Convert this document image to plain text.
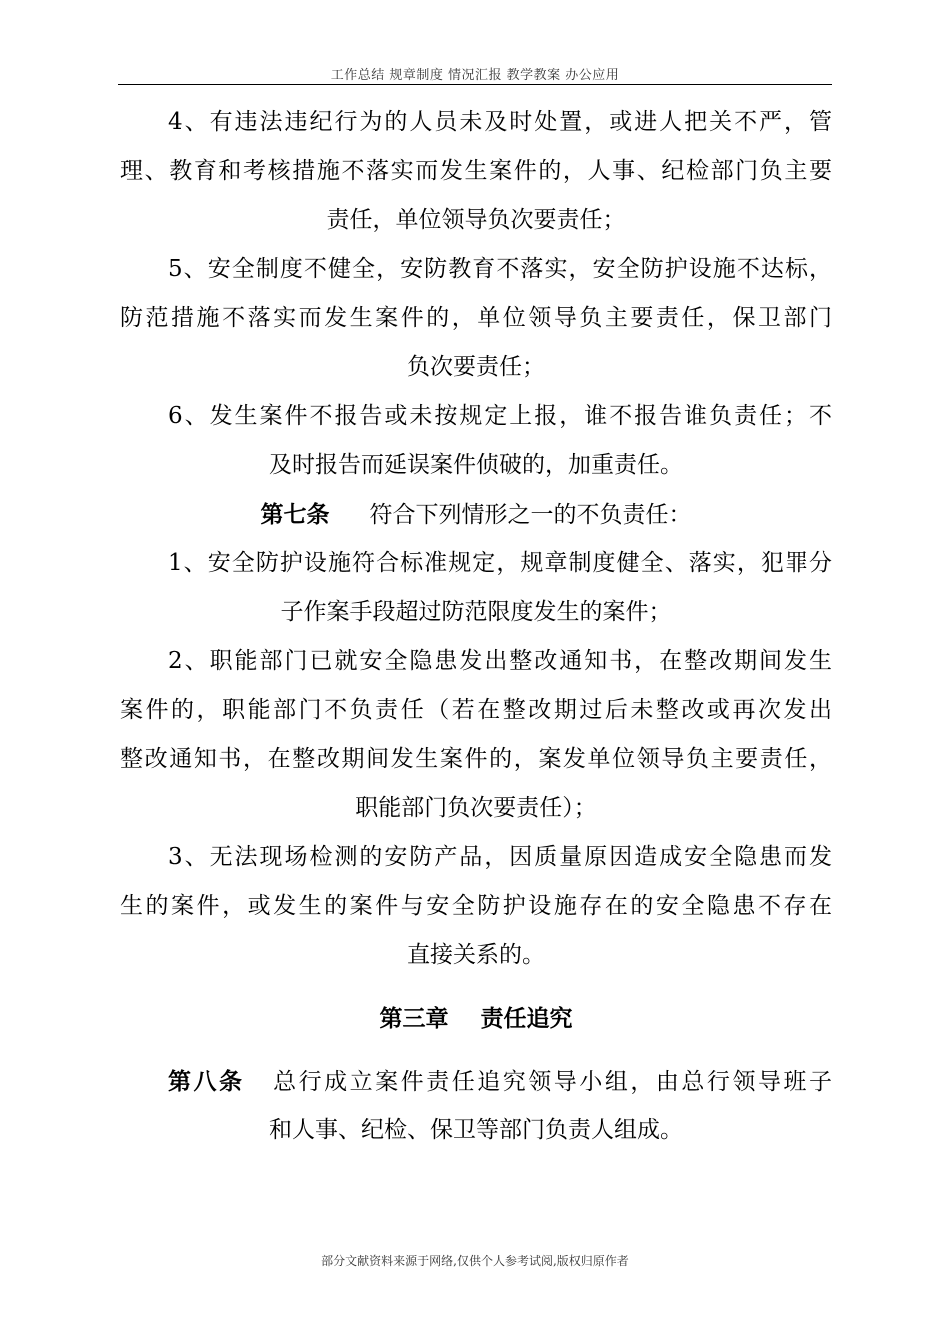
工作总结 规章制度 情况汇报 教学教案 办公应用
4、有违法违纪行为的人员未及时处置，或进人把关不严，管
理、教育和考核措施不落实而发生案件的，人事、纪检部门负主要
责任，单位领导负次要责任；
5、安全制度不健全，安防教育不落实，安全防护设施不达标，
防范措施不落实而发生案件的，单位领导负主要责任，保卫部门
负次要责任；
6、发生案件不报告或未按规定上报，谁不报告谁负责任；不
及时报告而延误案件侦破的，加重责任。
第七条 符合下列情形之一的不负责任：
1、安全防护设施符合标准规定，规章制度健全、落实，犯罪分
子作案手段超过防范限度发生的案件；
2、职能部门已就安全隐患发出整改通知书，在整改期间发生
案件的，职能部门不负责任（若在整改期过后未整改或再次发出
整改通知书，在整改期间发生案件的，案发单位领导负主要责任，
职能部门负次要责任）；
3、无法现场检测的安防产品，因质量原因造成安全隐患而发
生的案件，或发生的案件与安全防护设施存在的安全隐患不存在
直接关系的。
第三章 责任追究
第八条 总行成立案件责任追究领导小组，由总行领导班子
和人事、纪检、保卫等部门负责人组成。
部分文献资料来源于网络,仅供个人参考试阅,版权归原作者
